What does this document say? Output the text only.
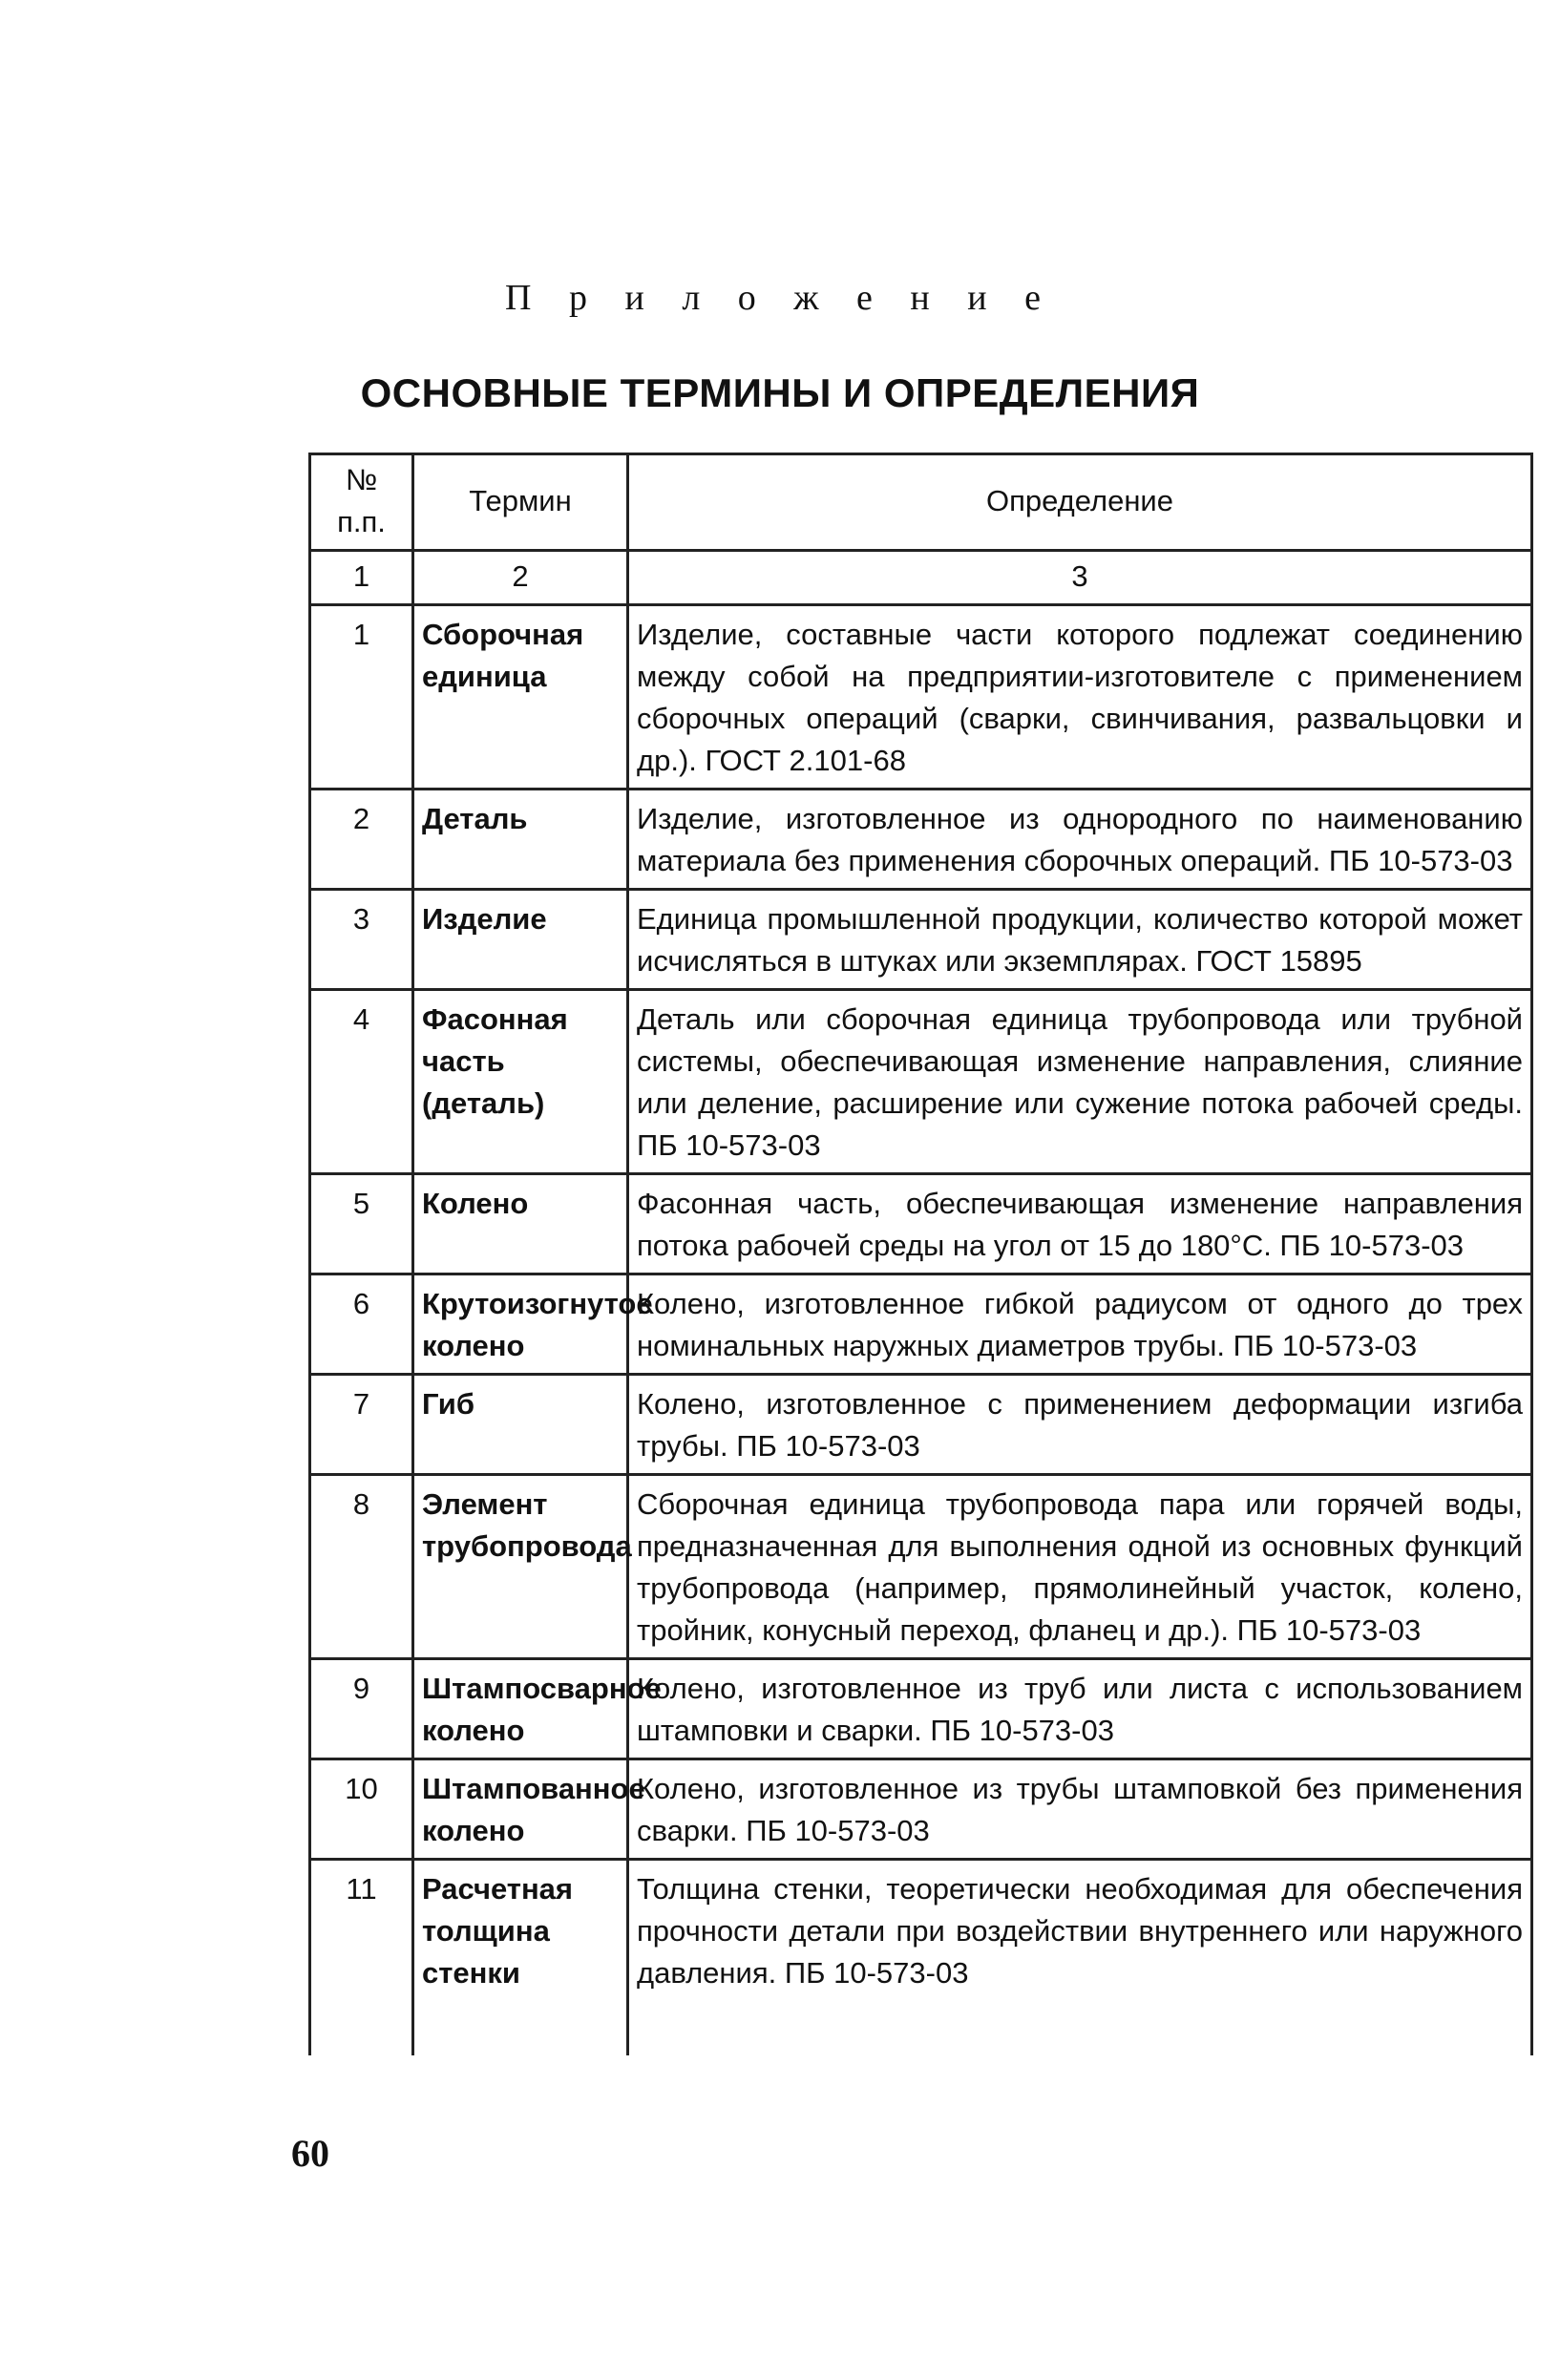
П р и л о ж е н и е
ОСНОВНЫЕ ТЕРМИНЫ И ОПРЕДЕЛЕНИЯ
№ п.п.	Термин	Определение
1	2	3
1	Сборочная единица	Изделие, составные части которого подлежат соединению между собой на предприятии-изготовителе с применением сборочных операций (сварки, свинчивания, развальцовки и др.). ГОСТ 2.101-68
2	Деталь	Изделие, изготовленное из однородного по наименованию материала без применения сборочных операций. ПБ 10-573-03
3	Изделие	Единица промышленной продукции, количество которой может исчисляться в штуках или экземплярах. ГОСТ 15895
4	Фасонная часть (деталь)	Деталь или сборочная единица трубопровода или трубной системы, обеспечивающая изменение направления, слияние или деление, расширение или сужение потока рабочей среды. ПБ 10-573-03
5	Колено	Фасонная часть, обеспечивающая изменение направления потока рабочей среды на угол от 15 до 180°С. ПБ 10-573-03
6	Крутоизогнутое колено	Колено, изготовленное гибкой радиусом от одного до трех номинальных наружных диаметров трубы. ПБ 10-573-03
7	Гиб	Колено, изготовленное с применением деформации изгиба трубы. ПБ 10-573-03
8	Элемент трубопровода	Сборочная единица трубопровода пара или горячей воды, предназначенная для выполнения одной из основных функций трубопровода (например, прямолинейный участок, колено, тройник, конусный переход, фланец и др.). ПБ 10-573-03
9	Штампосварное колено	Колено, изготовленное из труб или листа с использованием штамповки и сварки. ПБ 10-573-03
10	Штампованное колено	Колено, изготовленное из трубы штамповкой без применения сварки. ПБ 10-573-03
11	Расчетная толщина стенки	Толщина стенки, теоретически необходимая для обеспечения прочности детали при воздействии внутреннего или наружного давления. ПБ 10-573-03
60
